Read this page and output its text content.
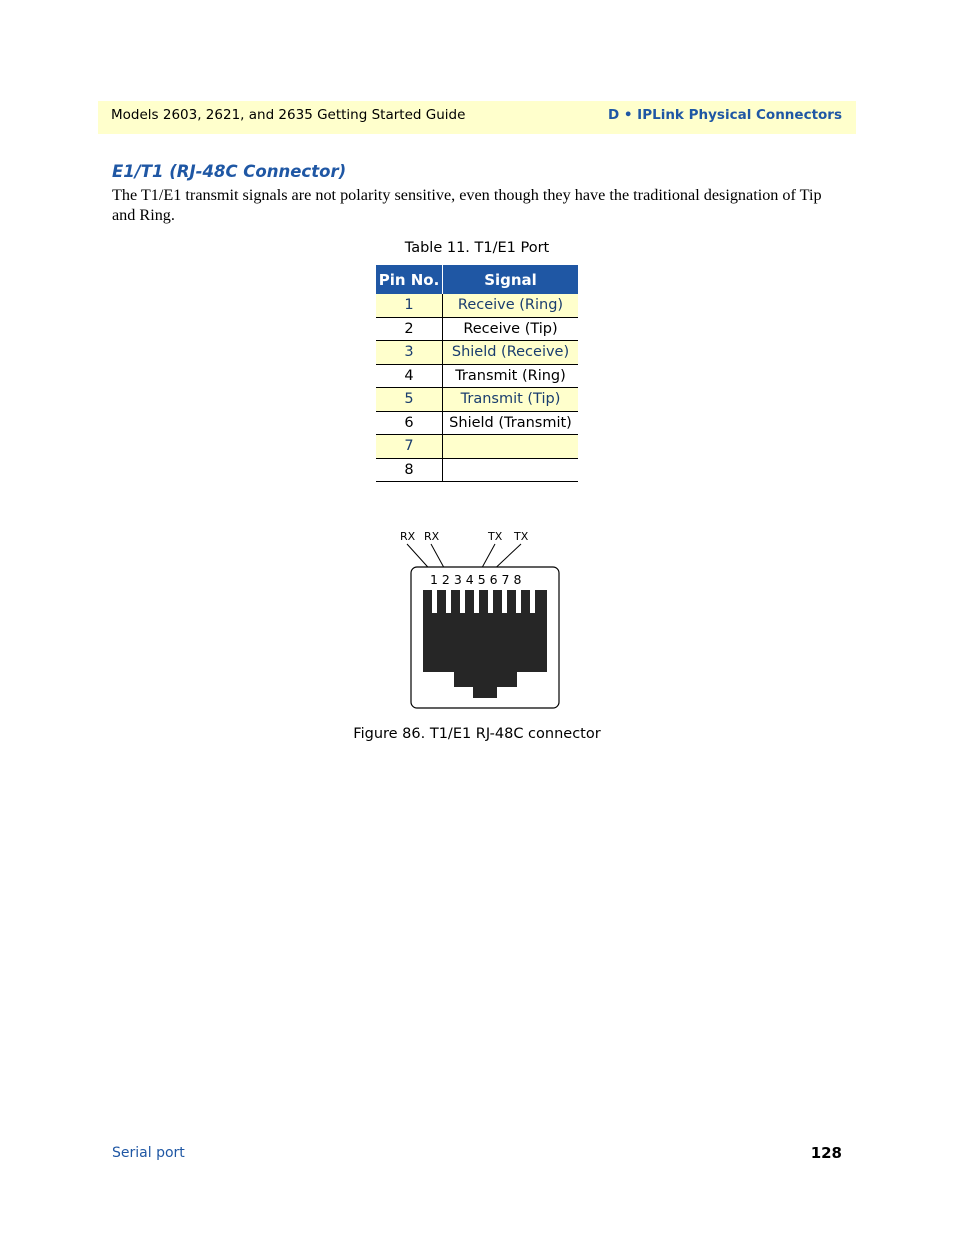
Models 2603, 2621, and 2635 Getting Started Guide	D • IPLink Physical Connectors
E1/T1 (RJ-48C Connector)
The T1/E1 transmit signals are not polarity sensitive, even though they have the traditional designation of Tip and Ring.
Table 11. T1/E1 Port
Pin No.	Signal
1	Receive (Ring)
2	Receive (Tip)
3	Shield (Receive)
4	Transmit (Ring)
5	Transmit (Tip)
6	Shield (Transmit)
7	
8	
RX RX	TX TX
1 2 3 4 5 6 7 8
Figure 86. T1/E1 RJ-48C connector
Serial port	128
